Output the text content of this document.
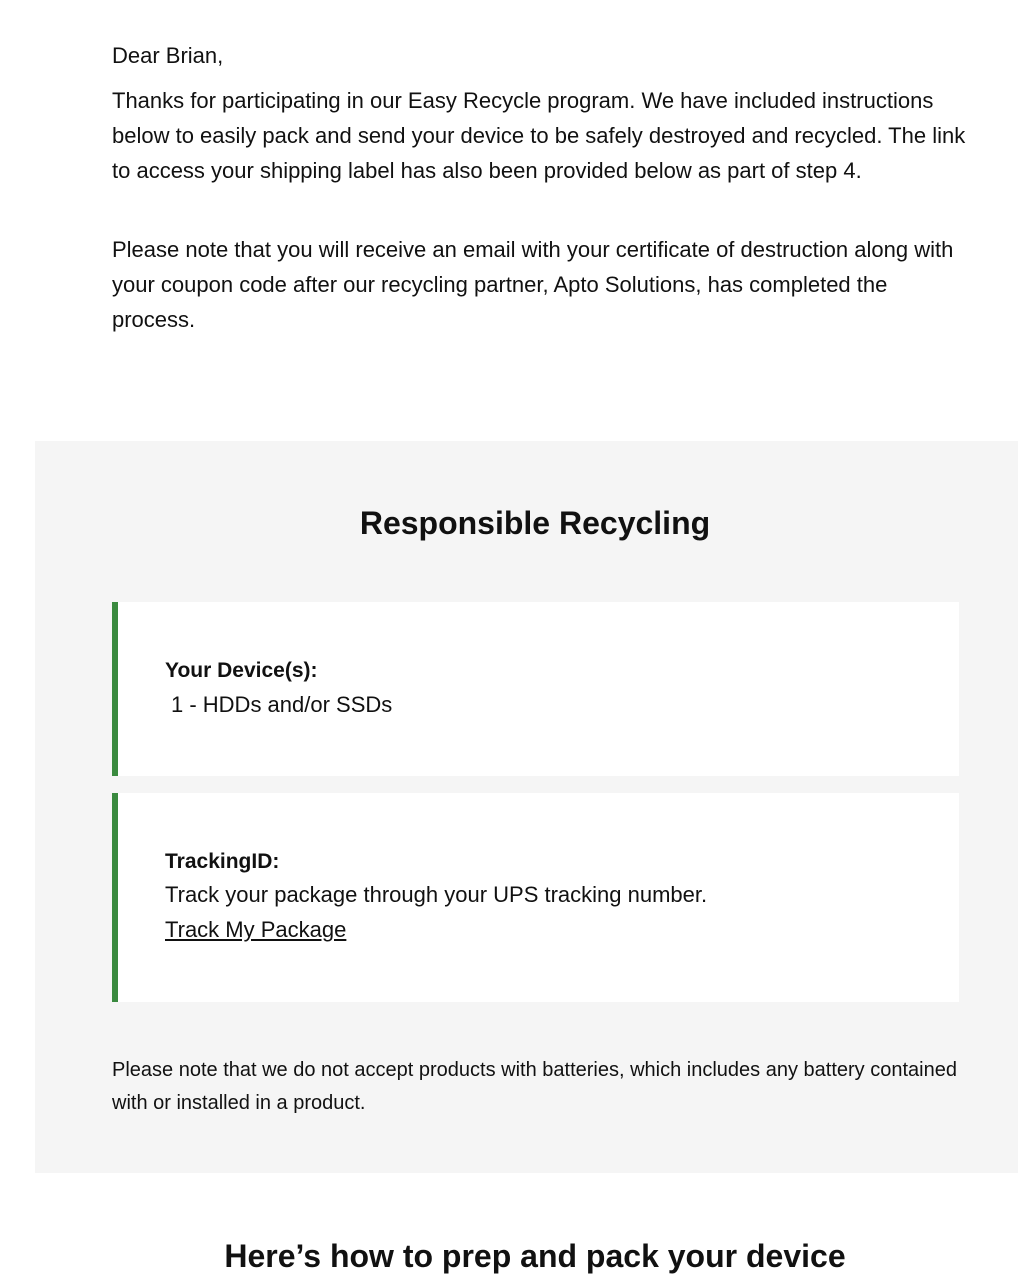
Dear Brian,

Thanks for participating in our Easy Recycle program. We have included instructions below to easily pack and send your device to be safely destroyed and recycled. The link to access your shipping label has also been provided below as part of step 4.

Please note that you will receive an email with your certificate of destruction along with your coupon code after our recycling partner, Apto Solutions, has completed the process.

Responsible Recycling
Your Device(s):
1 - HDDs and/or SSDs
TrackingID:
Track your package through your UPS tracking number.
Track My Package

Please note that we do not accept products with batteries, which includes any battery contained with or installed in a product.

Here’s how to prep and pack your device
